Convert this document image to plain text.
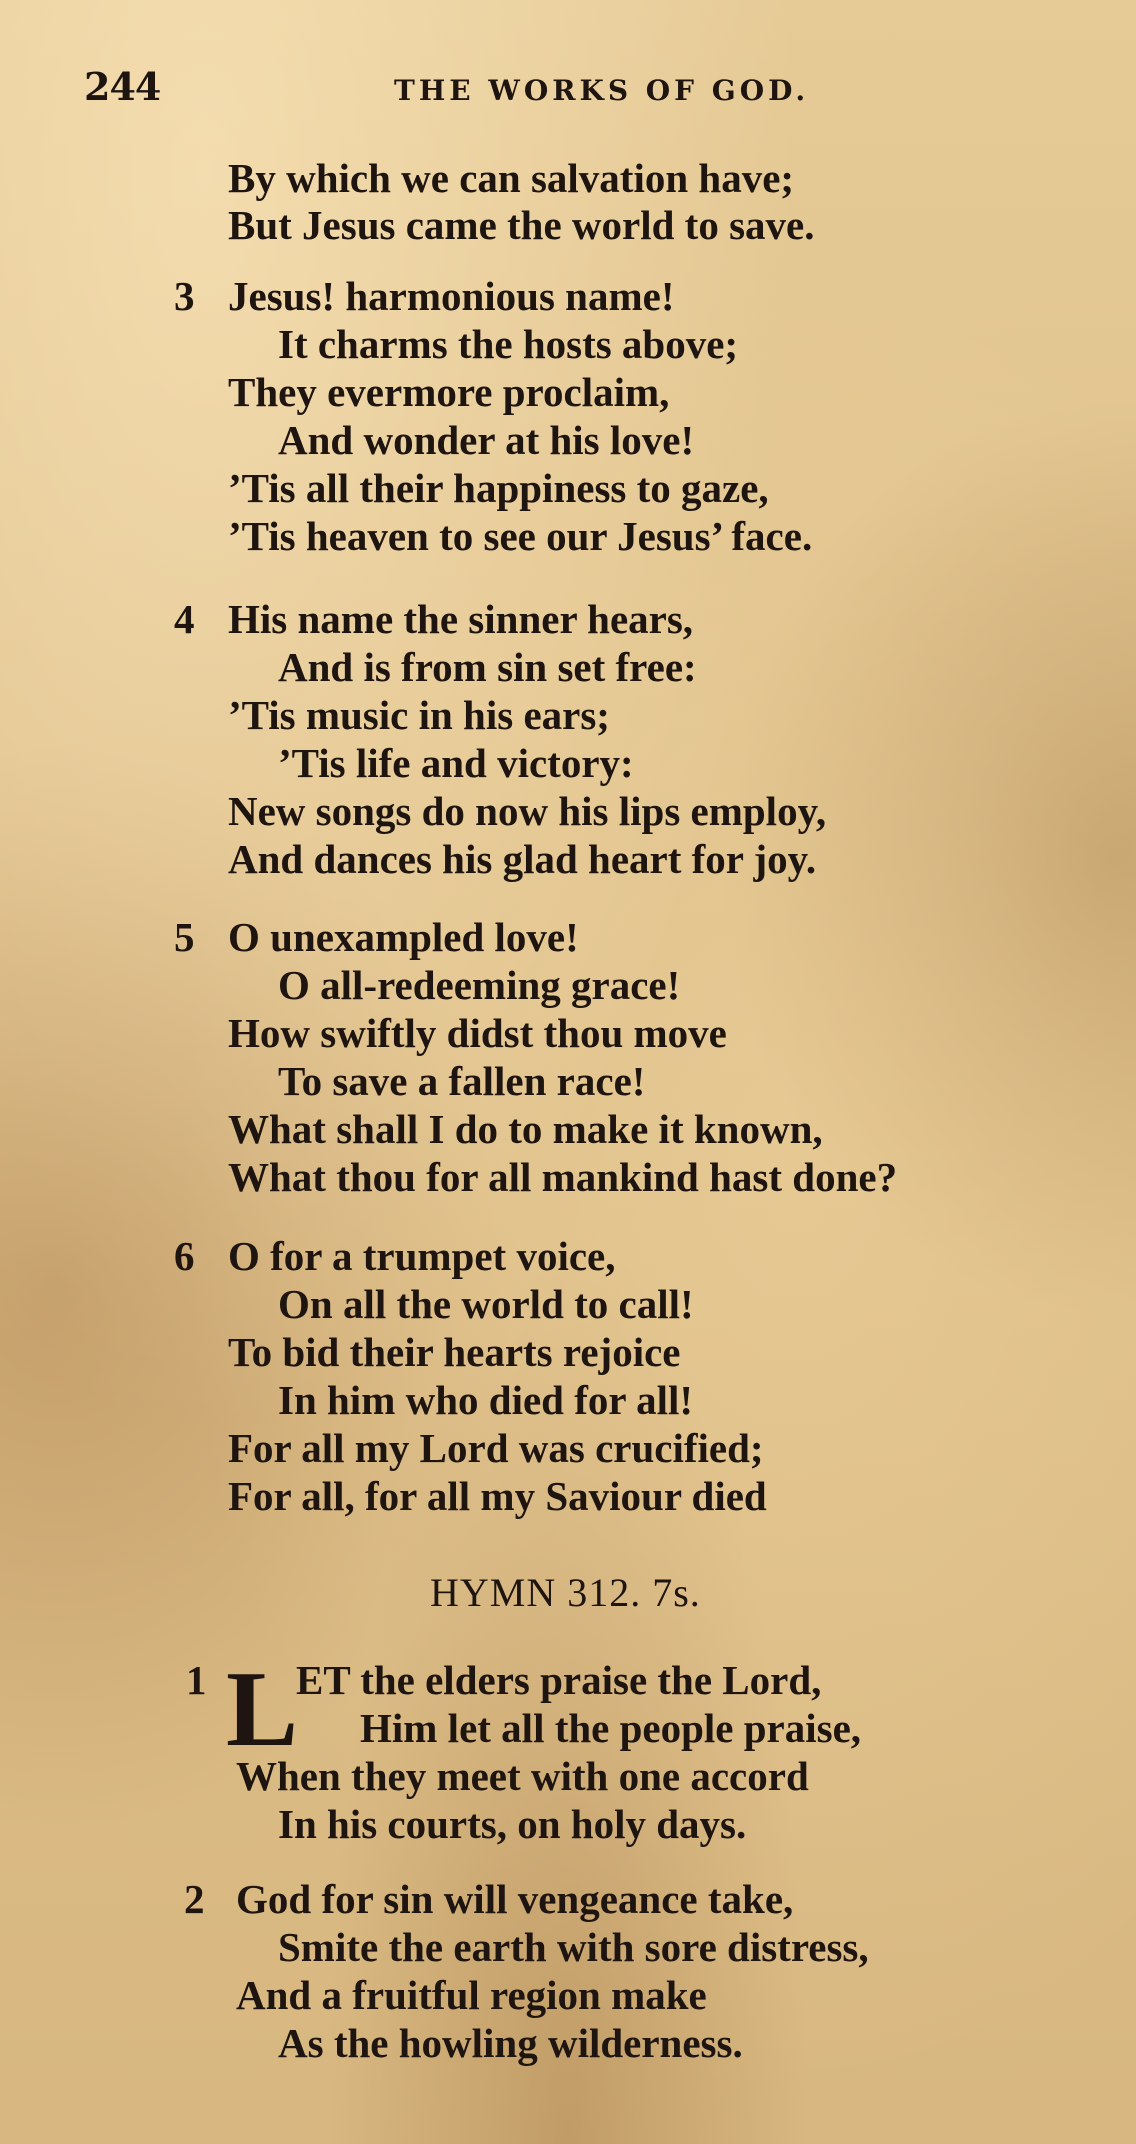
244	THE WORKS OF GOD.
By which we can salvation have;
But Jesus came the world to save.
3 Jesus! harmonious name!
It charms the hosts above;
They evermore proclaim,
And wonder at his love!
’Tis all their happiness to gaze,
’Tis heaven to see our Jesus’ face.
4 His name the sinner hears,
And is from sin set free:
’Tis music in his ears;
’Tis life and victory:
New songs do now his lips employ,
And dances his glad heart for joy.
5 O unexampled love!
O all-redeeming grace!
How swiftly didst thou move
To save a fallen race!
What shall I do to make it known,
What thou for all mankind hast done?
6 O for a trumpet voice,
On all the world to call!
To bid their hearts rejoice
In him who died for all!
For all my Lord was crucified;
For all, for all my Saviour died
HYMN 312. 7s.
1 L
ET the elders praise the Lord,
Him let all the people praise,
When they meet with one accord
In his courts, on holy days.
2 God for sin will vengeance take,
Smite the earth with sore distress,
And a fruitful region make
As the howling wilderness.
